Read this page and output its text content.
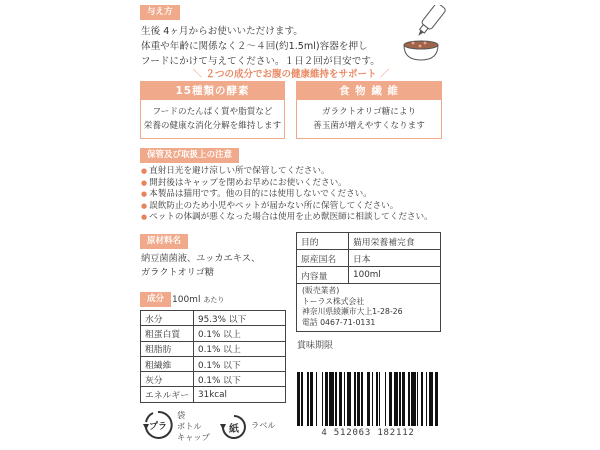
与え方
生後 4ヶ月からお使いいただけます。
体重や年齢に関係なく２～４回(約1.5ml)容器を押し
フードにかけて与えてください。１日２回が目安です。
＼ ２つの成分でお腹の健康維持をサポート ／
15種類の酵素
フードのたんぱく質や脂質など
栄養の健康な消化分解を維持します
食 物 繊 維
ガラクトオリゴ糖により
善玉菌が増えやすくなります
保管及び取扱上の注意
● 直射日光を避け涼しい所で保管してください。
● 開封後はキャップを閉めお早めにお使いください。
● 本製品は猫用です。他の目的には使用しないでください。
● 誤飲防止のため小児やペットが届かない所に保管してください。
● ペットの体調が悪くなった場合は使用を止め獣医師に相談してください。
原材料名
納豆菌菌液、ユッカエキス、
ガラクトオリゴ糖
成分 100ml あたり
水分	95.3% 以下
粗蛋白質	0.1% 以上
粗脂肪	0.1% 以上
粗繊維	0.1% 以下
灰分	0.1% 以下
エネルギー	31kcal
プラ
袋
ボトル
キャップ
紙 ラベル
目的	猫用栄養補完食
原産国名	日本
内容量	100ml

(販売業者)
トーラス株式会社
神奈川県綾瀬市大上1-28-26
電話 0467-71-0131	
賞味期限
4 512063 182112
